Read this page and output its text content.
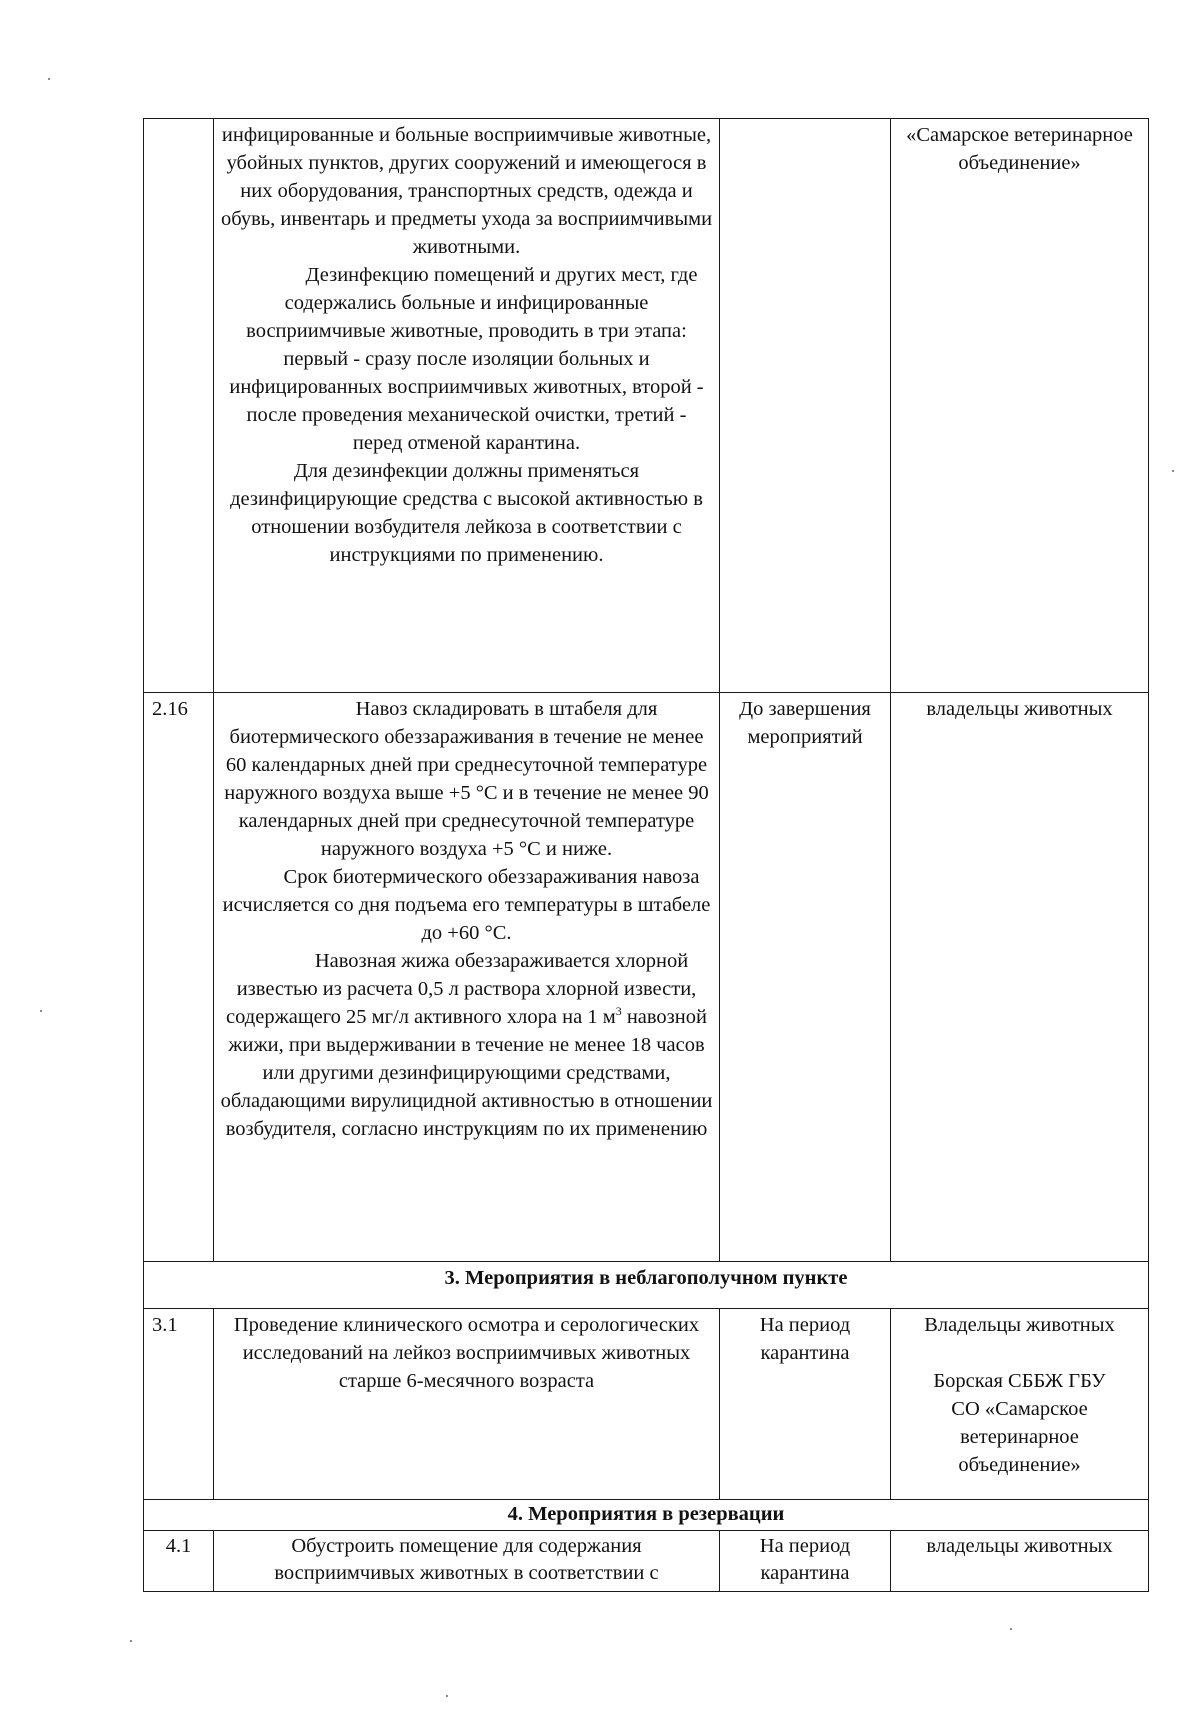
	инфицированные и больные восприимчивые животные, убойных пунктов, других сооружений и имеющегося в них оборудования, транспортных средств, одежда и обувь, инвентарь и предметы ухода за восприимчивыми животными.

Дезинфекцию помещений и других мест, где содержались больные и инфицированные восприимчивые животные, проводить в три этапа: первый - сразу после изоляции больных и инфицированных восприимчивых животных, второй - после проведения механической очистки, третий - перед отменой карантина.

Для дезинфекции должны применяться дезинфицирующие средства с высокой активностью в отношении возбудителя лейкоза в соответствии с инструкциями по применению.		«Самарское ветеринарное объединение»
2.16	Навоз складировать в штабеля для биотермического обеззараживания в течение не менее 60 календарных дней при среднесуточной температуре наружного воздуха выше +5 °С и в течение не менее 90 календарных дней при среднесуточной температуре наружного воздуха +5 °С и ниже.

Срок биотермического обеззараживания навоза исчисляется со дня подъема его температуры в штабеле до +60 °С.

Навозная жижа обеззараживается хлорной известью из расчета 0,5 л раствора хлорной извести, содержащего 25 мг/л активного хлора на 1 $м^3$ навозной жижи, при выдерживании в течение не менее 18 часов или другими дезинфицирующими средствами, обладающими вирулицидной активностью в отношении возбудителя, согласно инструкциям по их применению	До завершения мероприятий	владельцы животных
3. Мероприятия в неблагополучном пункте			
3.1	Проведение клинического осмотра и серологических исследований на лейкоз восприимчивых животных старше 6-месячного возраста	На период карантина	Владельцы животных
Борская СББЖ ГБУ СО «Самарское ветеринарное объединение»

4. Мероприятия в резервации			
4.1	Обустроить помещение для содержания восприимчивых животных в соответствии с	На период карантина	владельцы животных
